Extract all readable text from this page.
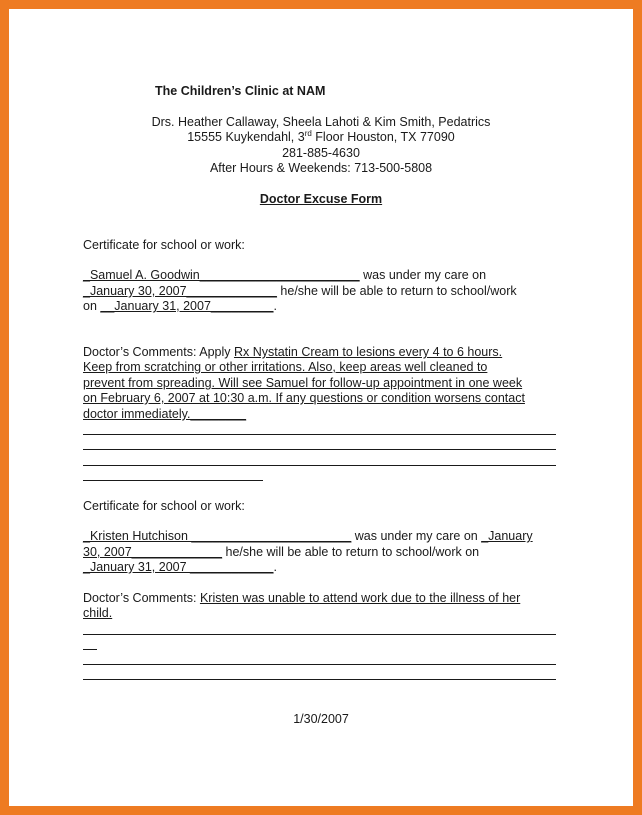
The Children’s Clinic at NAM
Drs. Heather Callaway, Sheela Lahoti & Kim Smith, Pedatrics
15555 Kuykendahl, 3rd Floor Houston, TX 77090
281-885-4630
After Hours & Weekends: 713-500-5808
Doctor Excuse Form
Certificate for school or work:
_Samuel A. Goodwin_______________________ was under my care on
_January 30, 2007_____________ he/she will be able to return to school/work
on __January 31, 2007_________.
Doctor’s Comments: Apply Rx Nystatin Cream to lesions every 4 to 6 hours.
Keep from scratching or other irritations. Also, keep areas well cleaned to
prevent from spreading. Will see Samuel for follow-up appointment in one week
on February 6, 2007 at 10:30 a.m. If any questions or condition worsens contact
doctor immediately.________
Certificate for school or work:
_Kristen Hutchison _______________________ was under my care on _January
30, 2007_____________ he/she will be able to return to school/work on
_January 31, 2007 ____________.
Doctor’s Comments: Kristen was unable to attend work due to the illness of her
child.
1/30/2007
